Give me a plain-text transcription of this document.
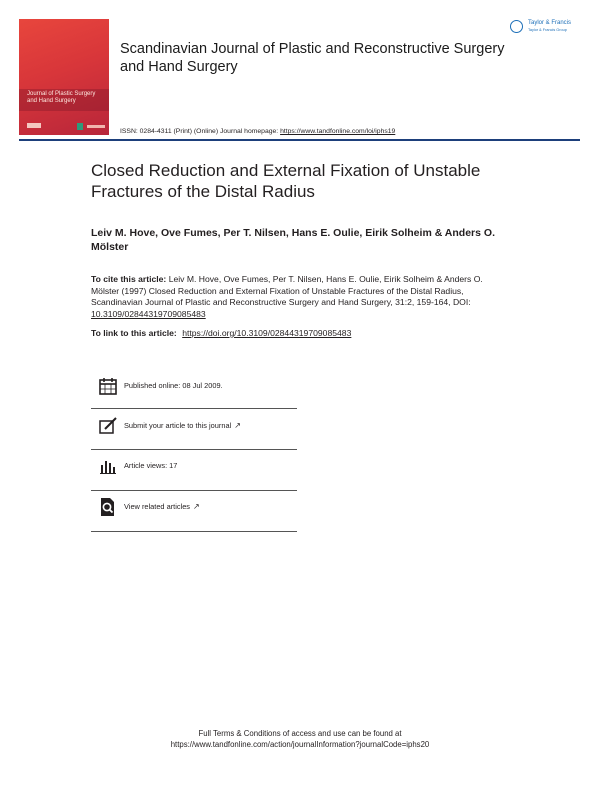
Journal of Plastic Surgery and Hand Surgery
Scandinavian Journal of Plastic and Reconstructive Surgery and Hand Surgery
Taylor & Francis
Taylor & Francis Group
ISSN: 0284-4311 (Print) (Online) Journal homepage: https://www.tandfonline.com/loi/iphs19
Closed Reduction and External Fixation of Unstable Fractures of the Distal Radius
Leiv M. Hove, Ove Fumes, Per T. Nilsen, Hans E. Oulie, Eirik Solheim & Anders O. Mölster
To cite this article: Leiv M. Hove, Ove Fumes, Per T. Nilsen, Hans E. Oulie, Eirik Solheim & Anders O. Mölster (1997) Closed Reduction and External Fixation of Unstable Fractures of the Distal Radius, Scandinavian Journal of Plastic and Reconstructive Surgery and Hand Surgery, 31:2, 159-164, DOI: 10.3109/02844319709085483
To link to this article: https://doi.org/10.3109/02844319709085483
Published online: 08 Jul 2009.
Submit your article to this journal ↗
Article views: 17
View related articles ↗
Full Terms & Conditions of access and use can be found at
https://www.tandfonline.com/action/journalInformation?journalCode=iphs20
